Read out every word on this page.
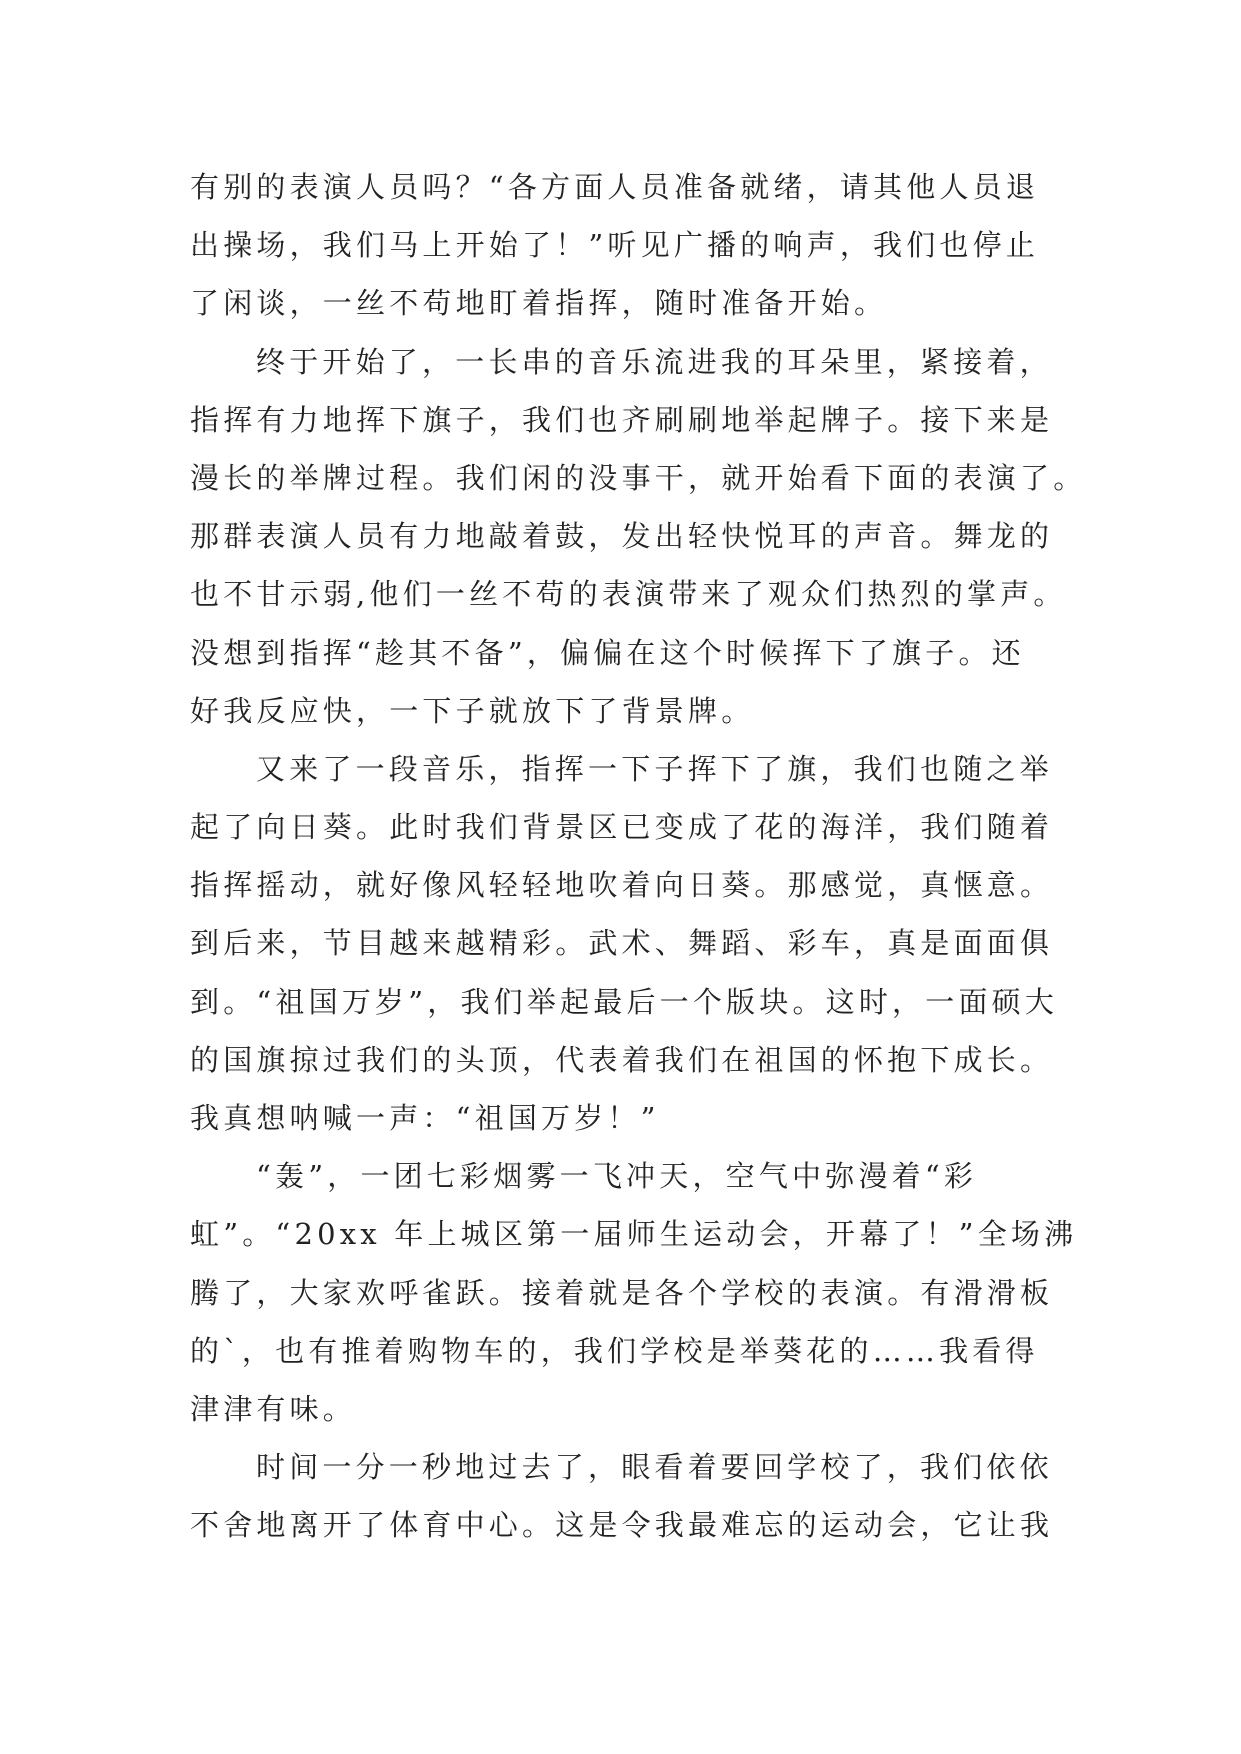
有别的表演人员吗？“各方面人员准备就绪，请其他人员退
出操场，我们马上开始了！”听见广播的响声，我们也停止
了闲谈，一丝不苟地盯着指挥，随时准备开始。
终于开始了，一长串的音乐流进我的耳朵里，紧接着，
指挥有力地挥下旗子，我们也齐刷刷地举起牌子。接下来是
漫长的举牌过程。我们闲的没事干，就开始看下面的表演了。
那群表演人员有力地敲着鼓，发出轻快悦耳的声音。舞龙的
也不甘示弱,他们一丝不苟的表演带来了观众们热烈的掌声。
没想到指挥“趁其不备”，偏偏在这个时候挥下了旗子。还
好我反应快，一下子就放下了背景牌。
又来了一段音乐，指挥一下子挥下了旗，我们也随之举
起了向日葵。此时我们背景区已变成了花的海洋，我们随着
指挥摇动，就好像风轻轻地吹着向日葵。那感觉，真惬意。
到后来，节目越来越精彩。武术、舞蹈、彩车，真是面面俱
到。“祖国万岁”，我们举起最后一个版块。这时，一面硕大
的国旗掠过我们的头顶，代表着我们在祖国的怀抱下成长。
我真想呐喊一声：“祖国万岁！”
“轰”，一团七彩烟雾一飞冲天，空气中弥漫着“彩
虹”。“20xx 年上城区第一届师生运动会，开幕了！”全场沸
腾了，大家欢呼雀跃。接着就是各个学校的表演。有滑滑板
的`，也有推着购物车的，我们学校是举葵花的……我看得
津津有味。
时间一分一秒地过去了，眼看着要回学校了，我们依依
不舍地离开了体育中心。这是令我最难忘的运动会，它让我
